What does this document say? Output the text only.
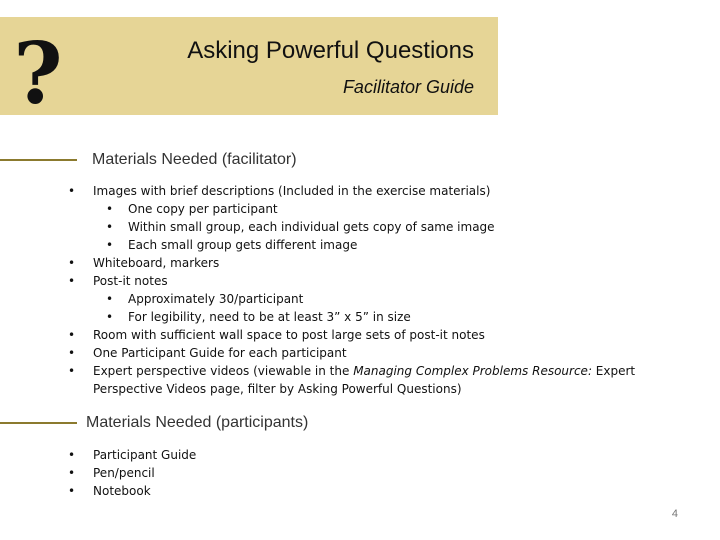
?	Asking Powerful Questions
Facilitator Guide
Materials Needed (facilitator)
• Images with brief descriptions (Included in the exercise materials)
• One copy per participant
• Within small group, each individual gets copy of same image
• Each small group gets different image
• Whiteboard, markers
• Post-it notes
• Approximately 30/participant
• For legibility, need to be at least 3” x 5” in size
• Room with sufficient wall space to post large sets of post-it notes
• One Participant Guide for each participant
• Expert perspective videos (viewable in the Managing Complex Problems Resource: Expert Perspective Videos page, filter by Asking Powerful Questions)
Materials Needed (participants)
• Participant Guide
• Pen/pencil
• Notebook
4
